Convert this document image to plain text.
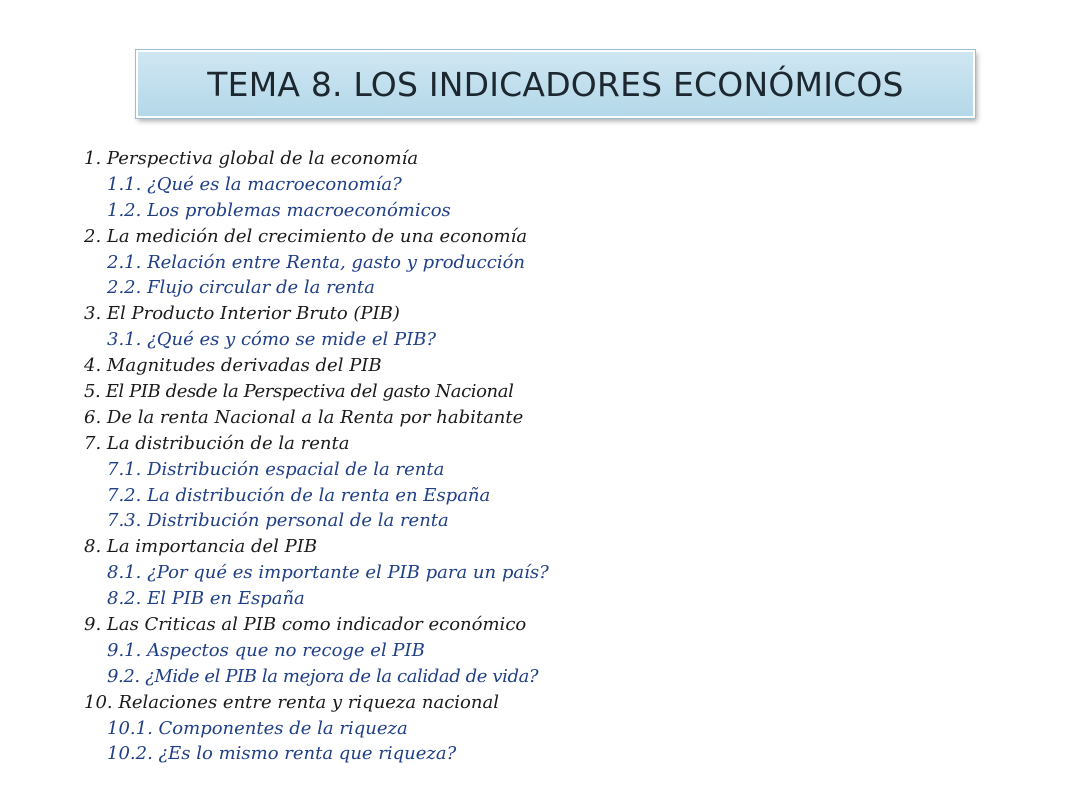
TEMA 8. LOS INDICADORES ECONÓMICOS
1. Perspectiva global de la economía
1.1. ¿Qué es la macroeconomía?
1.2. Los problemas macroeconómicos
2. La medición del crecimiento de una economía
2.1. Relación entre Renta, gasto y producción
2.2. Flujo circular de la renta
3. El Producto Interior Bruto (PIB)
3.1. ¿Qué es y cómo se mide el PIB?
4. Magnitudes derivadas del PIB
5. El PIB desde la Perspectiva del gasto Nacional
6. De la renta Nacional a la Renta por habitante
7. La distribución de la renta
7.1. Distribución espacial de la renta
7.2. La distribución de la renta en España
7.3. Distribución personal de la renta
8. La importancia del PIB
8.1. ¿Por qué es importante el PIB para un país?
8.2. El PIB en España
9. Las Criticas al PIB como indicador económico
9.1. Aspectos que no recoge el PIB
9.2. ¿Mide el PIB la mejora de la calidad de vida?
10. Relaciones entre renta y riqueza nacional
10.1. Componentes de la riqueza
10.2. ¿Es lo mismo renta que riqueza?
